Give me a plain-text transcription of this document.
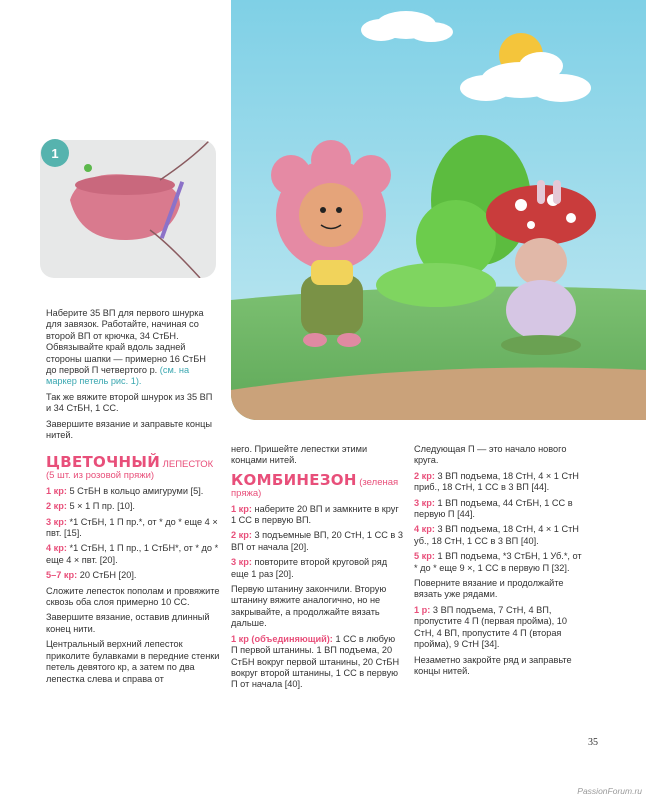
1

Наберите 35 ВП для первого шнурка для завязок. Работайте, начиная со второй ВП от крючка, 34 СтБН. Обвязывайте край вдоль задней стороны шапки — примерно 16 СтБН до первой П четвертого р. (см. на маркер петель рис. 1).

Так же вяжите второй шнурок из 35 ВП и 34 СтБН, 1 СС.

Завершите вязание и заправьте концы нитей.

ЦВЕТОЧНЫЙ ЛЕПЕСТОК (5 шт. из розовой пряжи)

1 кр: 5 СтБН в кольцо амигуруми [5].

2 кр: 5 × 1 П пр. [10].

3 кр: *1 СтБН, 1 П пр.*, от * до * еще 4 × пвт. [15].

4 кр: *1 СтБН, 1 П пр., 1 СтБН*, от * до * еще 4 × пвт. [20].

5–7 кр: 20 СтБН [20].

Сложите лепесток пополам и провяжите сквозь оба слоя примерно 10 СС.

Завершите вязание, оставив длинный конец нити.

Центральный верхний лепесток приколите булавками в передние стенки петель девятого кр, а затем по два лепестка слева и справа от

него. Пришейте лепестки этими концами нитей.

КОМБИНЕЗОН (зеленая пряжа)

1 кр: наберите 20 ВП и замкните в круг 1 СС в первую ВП.

2 кр: 3 подъемные ВП, 20 СтН, 1 СС в 3 ВП от начала [20].

3 кр: повторите второй круговой ряд еще 1 раз [20].

Первую штанину закончили. Вторую штанину вяжите аналогично, но не закрывайте, а продолжайте вязать дальше.

1 кр (объединяющий): 1 СС в любую П первой штанины. 1 ВП подъема, 20 СтБН вокруг первой штанины, 20 СтБН вокруг второй штанины, 1 СС в первую П от начала [40].

Следующая П — это начало нового круга.

2 кр: 3 ВП подъема, 18 СтН, 4 × 1 СтН приб., 18 СтН, 1 СС в 3 ВП [44].

3 кр: 1 ВП подъема, 44 СтБН, 1 СС в первую П [44].

4 кр: 3 ВП подъема, 18 СтН, 4 × 1 СтН уб., 18 СтН, 1 СС в 3 ВП [40].

5 кр: 1 ВП подъема, *3 СтБН, 1 Уб.*, от * до * еще 9 ×, 1 СС в первую П [32].

Поверните вязание и продолжайте вязать уже рядами.

1 р: 3 ВП подъема, 7 СтН, 4 ВП, пропустите 4 П (первая пройма), 10 СтН, 4 ВП, пропустите 4 П (вторая пройма), 9 СтН [34].

Незаметно закройте ряд и заправьте концы нитей.

35
PassionForum.ru
